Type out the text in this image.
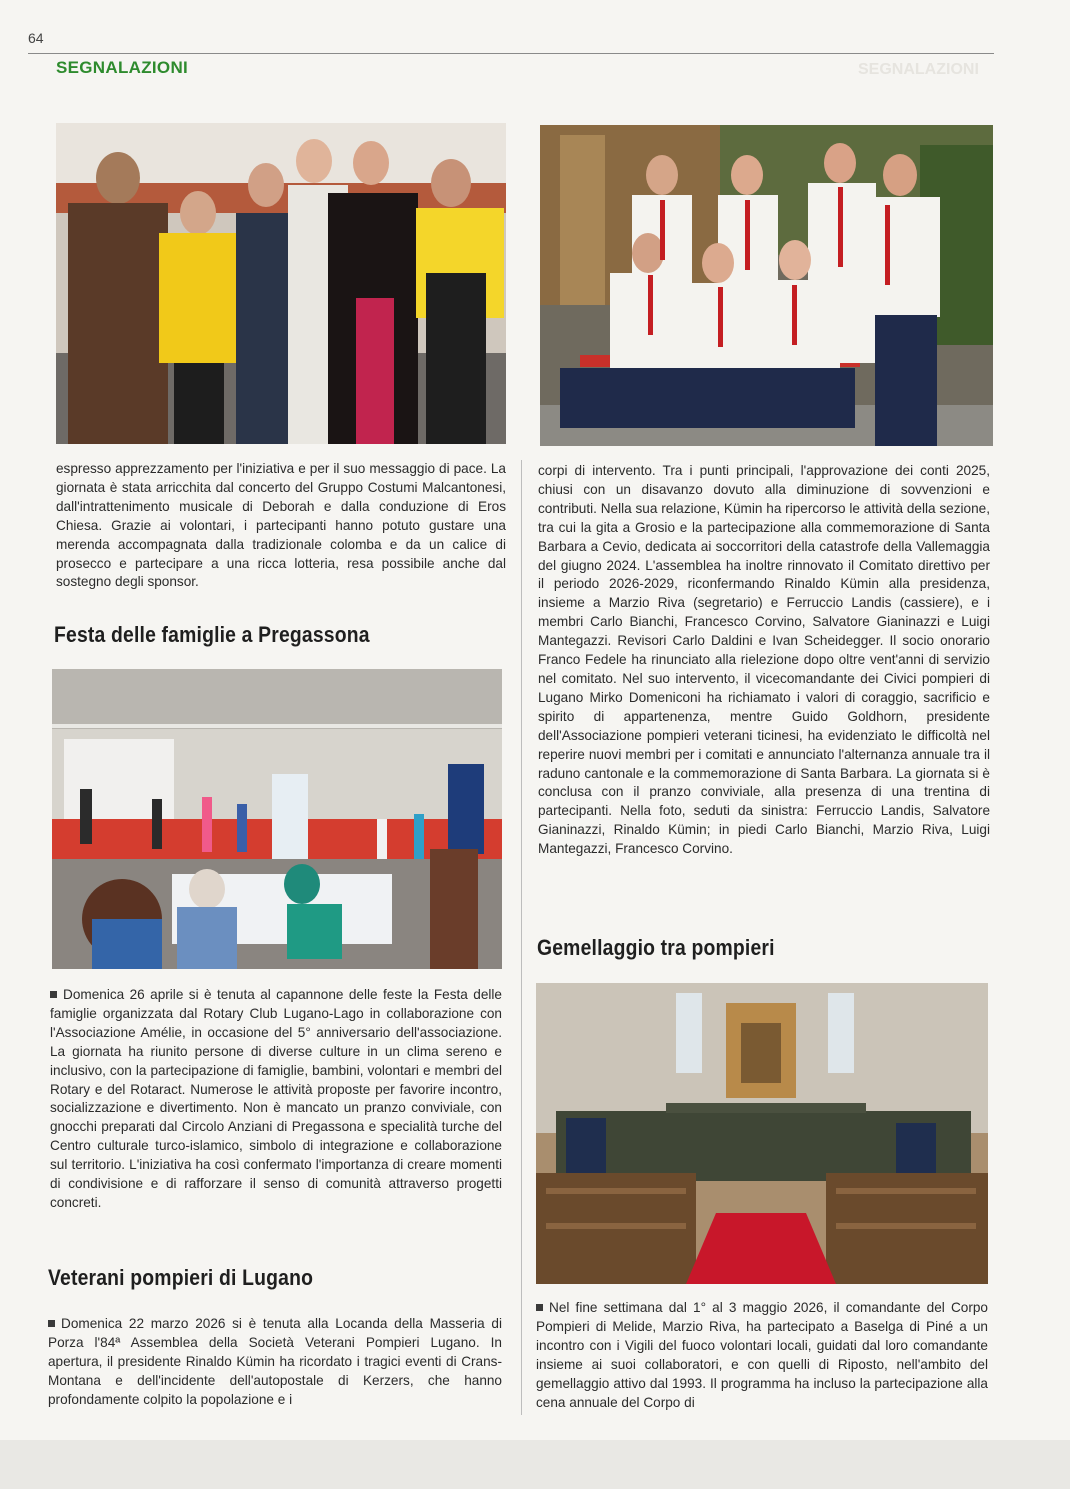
64
SEGNALAZIONI	SEGNALAZIONI
espresso apprezzamento per l'iniziativa e per il suo messaggio di pace. La giornata è stata arricchita dal concerto del Gruppo Costumi Malcantonesi, dall'intrattenimento musicale di Deborah e dalla conduzione di Eros Chiesa. Grazie ai volontari, i partecipanti hanno potuto gustare una merenda accompagnata dalla tradizionale colomba e da un calice di prosecco e partecipare a una ricca lotteria, resa possibile anche dal sostegno degli sponsor.
Festa delle famiglie a Pregassona
Domenica 26 aprile si è tenuta al capannone delle feste la Festa delle famiglie organizzata dal Rotary Club Lugano-Lago in collaborazione con l'Associazione Amélie, in occasione del 5° anniversario dell'associazione. La giornata ha riunito persone di diverse culture in un clima sereno e inclusivo, con la partecipazione di famiglie, bambini, volontari e membri del Rotary e del Rotaract. Numerose le attività proposte per favorire incontro, socializzazione e divertimento. Non è mancato un pranzo conviviale, con gnocchi preparati dal Circolo Anziani di Pregassona e specialità turche del Centro culturale turco-islamico, simbolo di integrazione e collaborazione sul territorio. L'iniziativa ha così confermato l'importanza di creare momenti di condivisione e di rafforzare il senso di comunità attraverso progetti concreti.
Veterani pompieri di Lugano
Domenica 22 marzo 2026 si è tenuta alla Locanda della Masseria di Porza l'84ª Assemblea della Società Veterani Pompieri Lugano. In apertura, il presidente Rinaldo Kümin ha ricordato i tragici eventi di Crans-Montana e dell'incidente dell'autopostale di Kerzers, che hanno profondamente colpito la popolazione e i
corpi di intervento. Tra i punti principali, l'approvazione dei conti 2025, chiusi con un disavanzo dovuto alla diminuzione di sovvenzioni e contributi. Nella sua relazione, Kümin ha ripercorso le attività della sezione, tra cui la gita a Grosio e la partecipazione alla commemorazione di Santa Barbara a Cevio, dedicata ai soccorritori della catastrofe della Vallemaggia del giugno 2024. L'assemblea ha inoltre rinnovato il Comitato direttivo per il periodo 2026-2029, riconfermando Rinaldo Kümin alla presidenza, insieme a Marzio Riva (segretario) e Ferruccio Landis (cassiere), e i membri Carlo Bianchi, Francesco Corvino, Salvatore Gianinazzi e Luigi Mantegazzi. Revisori Carlo Daldini e Ivan Scheidegger. Il socio onorario Franco Fedele ha rinunciato alla rielezione dopo oltre vent'anni di servizio nel comitato. Nel suo intervento, il vicecomandante dei Civici pompieri di Lugano Mirko Domeniconi ha richiamato i valori di coraggio, sacrificio e spirito di appartenenza, mentre Guido Goldhorn, presidente dell'Associazione pompieri veterani ticinesi, ha evidenziato le difficoltà nel reperire nuovi membri per i comitati e annunciato l'alternanza annuale tra il raduno cantonale e la commemorazione di Santa Barbara. La giornata si è conclusa con il pranzo conviviale, alla presenza di una trentina di partecipanti. Nella foto, seduti da sinistra: Ferruccio Landis, Salvatore Gianinazzi, Rinaldo Kümin; in piedi Carlo Bianchi, Marzio Riva, Luigi Mantegazzi, Francesco Corvino.
Gemellaggio tra pompieri
Nel fine settimana dal 1° al 3 maggio 2026, il comandante del Corpo Pompieri di Melide, Marzio Riva, ha partecipato a Baselga di Piné a un incontro con i Vigili del fuoco volontari locali, guidati dal loro comandante insieme ai suoi collaboratori, e con quelli di Riposto, nell'ambito del gemellaggio attivo dal 1993. Il programma ha incluso la partecipazione alla cena annuale del Corpo di
